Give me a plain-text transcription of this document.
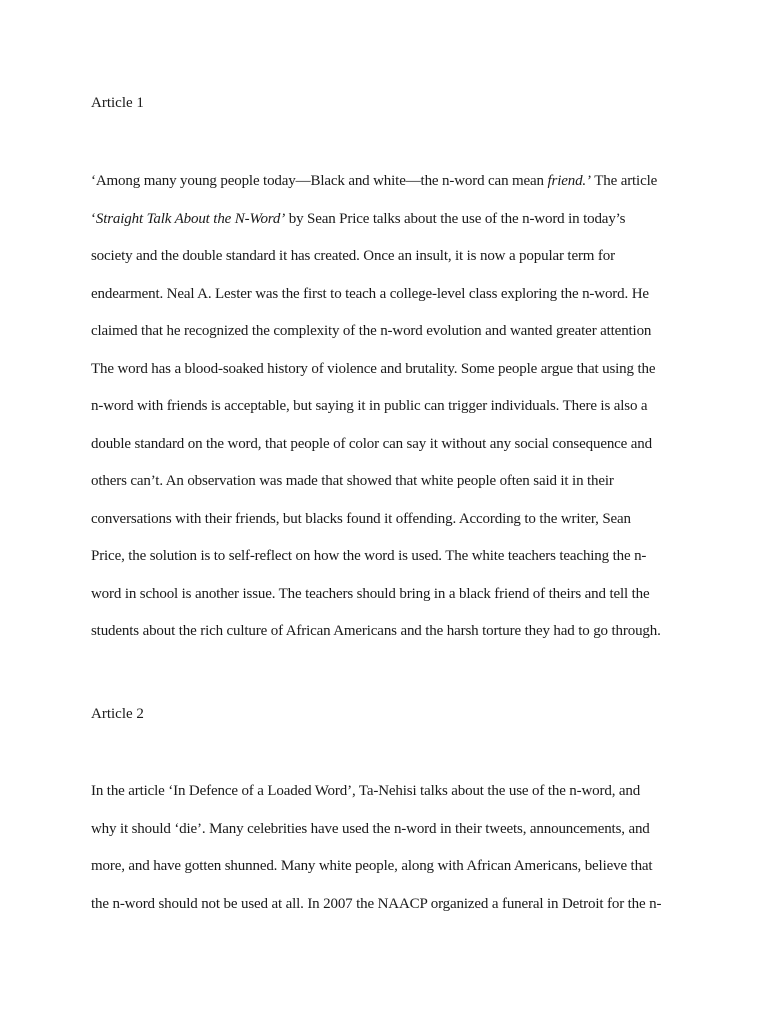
Article 1
‘Among many young people today—Black and white—the n-word can mean friend.’ The article
‘Straight Talk About the N-Word’ by Sean Price talks about the use of the n-word in today’s
society and the double standard it has created. Once an insult, it is now a popular term for
endearment. Neal A. Lester was the first to teach a college-level class exploring the n-word. He
claimed that he recognized the complexity of the n-word evolution and wanted greater attention
The word has a blood-soaked history of violence and brutality. Some people argue that using the
n-word with friends is acceptable, but saying it in public can trigger individuals. There is also a
double standard on the word, that people of color can say it without any social consequence and
others can’t. An observation was made that showed that white people often said it in their
conversations with their friends, but blacks found it offending. According to the writer, Sean
Price, the solution is to self-reflect on how the word is used. The white teachers teaching the n-
word in school is another issue. The teachers should bring in a black friend of theirs and tell the
students about the rich culture of African Americans and the harsh torture they had to go through.
Article 2
In the article ‘In Defence of a Loaded Word’, Ta-Nehisi talks about the use of the n-word, and
why it should ‘die’. Many celebrities have used the n-word in their tweets, announcements, and
more, and have gotten shunned. Many white people, along with African Americans, believe that
the n-word should not be used at all. In 2007 the NAACP organized a funeral in Detroit for the n-
